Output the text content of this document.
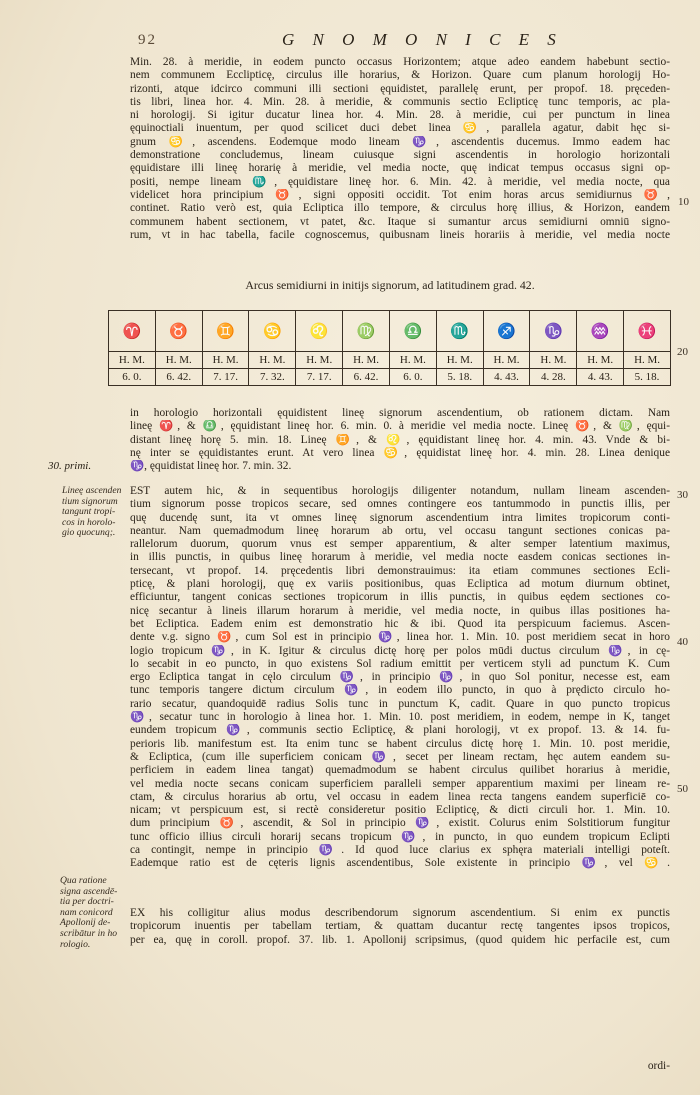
92	G N O M O N I C E S

Min. 28. à meridie, in eodem puncto occasus Horizontem; atque adeo eandem habebunt sectio-

nem communem Ecclipticę, circulus ille horarius, & Horizon. Quare cum planum horologij Ho-

rizonti, atque idcirco communi illi sectioni ęquidistet, parallelę erunt, per propof. 18. pręceden-

tis libri, linea hor. 4. Min. 28. à meridie, & communis sectio Eclipticę tunc temporis, ac pla-

ni horologij. Si igitur ducatur linea hor. 4. Min. 28. à meridie, cui per punctum in linea

ęquinoctiali inuentum, per quod scilicet duci debet linea ♋, parallela agatur, dabit hęc si-

gnum ♋, ascendens. Eodemque modo lineam ♑, ascendentis ducemus. Immo eadem hac

demonstratione concludemus, lineam cuiusque signi ascendentis in horologio horizontali

ęquidistare illi lineę horarię à meridie, vel media nocte, quę indicat tempus occasus signi op-

positi, nempe lineam ♏, ęquidistare lineę hor. 6. Min. 42. à meridie, vel media nocte, qua

videlicet hora principium ♉, signi oppositi occidit. Tot enim horas arcus semidiurnus ♉,

continet. Ratio verò est, quia Ecliptica illo tempore, & circulus horę illius, & Horizon, eandem

communem habent sectionem, vt patet, &c. Itaque si sumantur arcus semidiurni omniū signo-

rum, vt in hac tabella, facile cognoscemus, quibusnam lineis horariis à meridie, vel media nocte

Arcus semidiurni in initijs signorum, ad latitudinem grad. 42.
♈	♉	♊	♋	♌	♍	♎	♏	♐	♑	♒	♓
H. M.	H. M.	H. M.	H. M.	H. M.	H. M.	H. M.	H. M.	H. M.	H. M.	H. M.	H. M.
6. 0.	6. 42.	7. 17.	7. 32.	7. 17.	6. 42.	6. 0.	5. 18.	4. 43.	4. 28.	4. 43.	5. 18.

in horologio horizontali ęquidistent lineę signorum ascendentium, ob rationem dictam. Nam

lineę ♈, & ♎, ęquidistant lineę hor. 6. min. 0. à meridie vel media nocte. Lineę ♉, & ♍, ęqui-

distant lineę horę 5. min. 18. Lineę ♊, & ♌, ęquidistant lineę hor. 4. min. 43. Vnde & bi-

nę inter se ęquidistantes erunt. At vero linea ♋, ęquidistat lineę hor. 4. min. 28. Linea denique

♑, ęquidistat lineę hor. 7. min. 32.

EST autem hic, & in sequentibus horologijs diligenter notandum, nullam lineam ascenden-

tium signorum posse tropicos secare, sed omnes contingere eos tantummodo in punctis illis, per

quę ducendę sunt, ita vt omnes lineę signorum ascendentium intra limites tropicorum conti-

neantur. Nam quemadmodum lineę horarum ab ortu, vel occasu tangunt sectiones conicas pa-

rallelorum duorum, quorum vnus est semper apparentium, & alter semper latentium maximus,

in illis punctis, in quibus lineę horarum à meridie, vel media nocte easdem conicas sectiones in-

tersecant, vt propof. 14. pręcedentis libri demonstrauimus: ita etiam communes sectiones Ecli-

pticę, & plani horologij, quę ex variis positionibus, quas Ecliptica ad motum diurnum obtinet,

efficiuntur, tangent conicas sectiones tropicorum in illis punctis, in quibus eędem sectiones co-

nicę secantur à lineis illarum horarum à meridie, vel media nocte, in quibus illas positiones ha-

bet Ecliptica. Eadem enim est demonstratio hic & ibi. Quod ita perspicuum faciemus. Ascen-

dente v.g. signo ♉, cum Sol est in principio ♑, linea hor. 1. Min. 10. post meridiem secat in horo

logio tropicum ♑, in K. Igitur & circulus dictę horę per polos mūdi ductus circulum ♑, in cę-

lo secabit in eo puncto, in quo existens Sol radium emittit per verticem styli ad punctum K. Cum

ergo Ecliptica tangat in cęlo circulum ♑, in principio ♑, in quo Sol ponitur, necesse est, eam

tunc temporis tangere dictum circulum ♑, in eodem illo puncto, in quo à prędicto circulo ho-

rario secatur, quandoquidē radius Solis tunc in punctum K, cadit. Quare in quo puncto tropicus

♑, secatur tunc in horologio à linea hor. 1. Min. 10. post meridiem, in eodem, nempe in K, tanget

eundem tropicum ♑, communis sectio Eclipticę, & plani horologij, vt ex propof. 13. & 14. fu-

perioris lib. manifestum est. Ita enim tunc se habent circulus dictę horę 1. Min. 10. post meridie,

& Ecliptica, (cum ille superficiem conicam ♑, secet per lineam rectam, hęc autem eandem su-

perficiem in eadem linea tangat) quemadmodum se habent circulus quilibet horarius à meridie,

vel media nocte secans conicam superficiem paralleli semper apparentium maximi per lineam re-

ctam, & circulus horarius ab ortu, vel occasu in eadem linea recta tangens eandem superficiē co-

nicam; vt perspicuum est, si rectè consideretur positio Eclipticę, & dicti circuli hor. 1. Min. 10.

dum principium ♉, ascendit, & Sol in principio ♑, existit. Colurus enim Solstitiorum fungitur

tunc officio illius circuli horarij secans tropicum ♑, in puncto, in quo eundem tropicum Eclipti

ca contingit, nempe in principio ♑. Id quod luce clarius ex sphęra materiali intelligi poteſt.

Eademque ratio est de cęteris lignis ascendentibus, Sole existente in principio ♑, vel ♋.

EX his colligitur alius modus describendorum signorum ascendentium. Si enim ex punctis

tropicorum inuentis per tabellam tertiam, & quattam ducantur rectę tangentes ipsos tropicos,

per ea, quę in coroll. propof. 37. lib. 1. Apollonij scripsimus, (quod quidem hic perfacile est, cum

ordi-
30. primi.
Lineę ascenden
tium signorum
tangunt tropi-
cos in horolo-
gio quocunq;.
Qua ratione
signa ascendē-
tia per doctri-
nam conicord
Apollonij de-
scribātur in ho
rologio.
10
20
30
40
50
